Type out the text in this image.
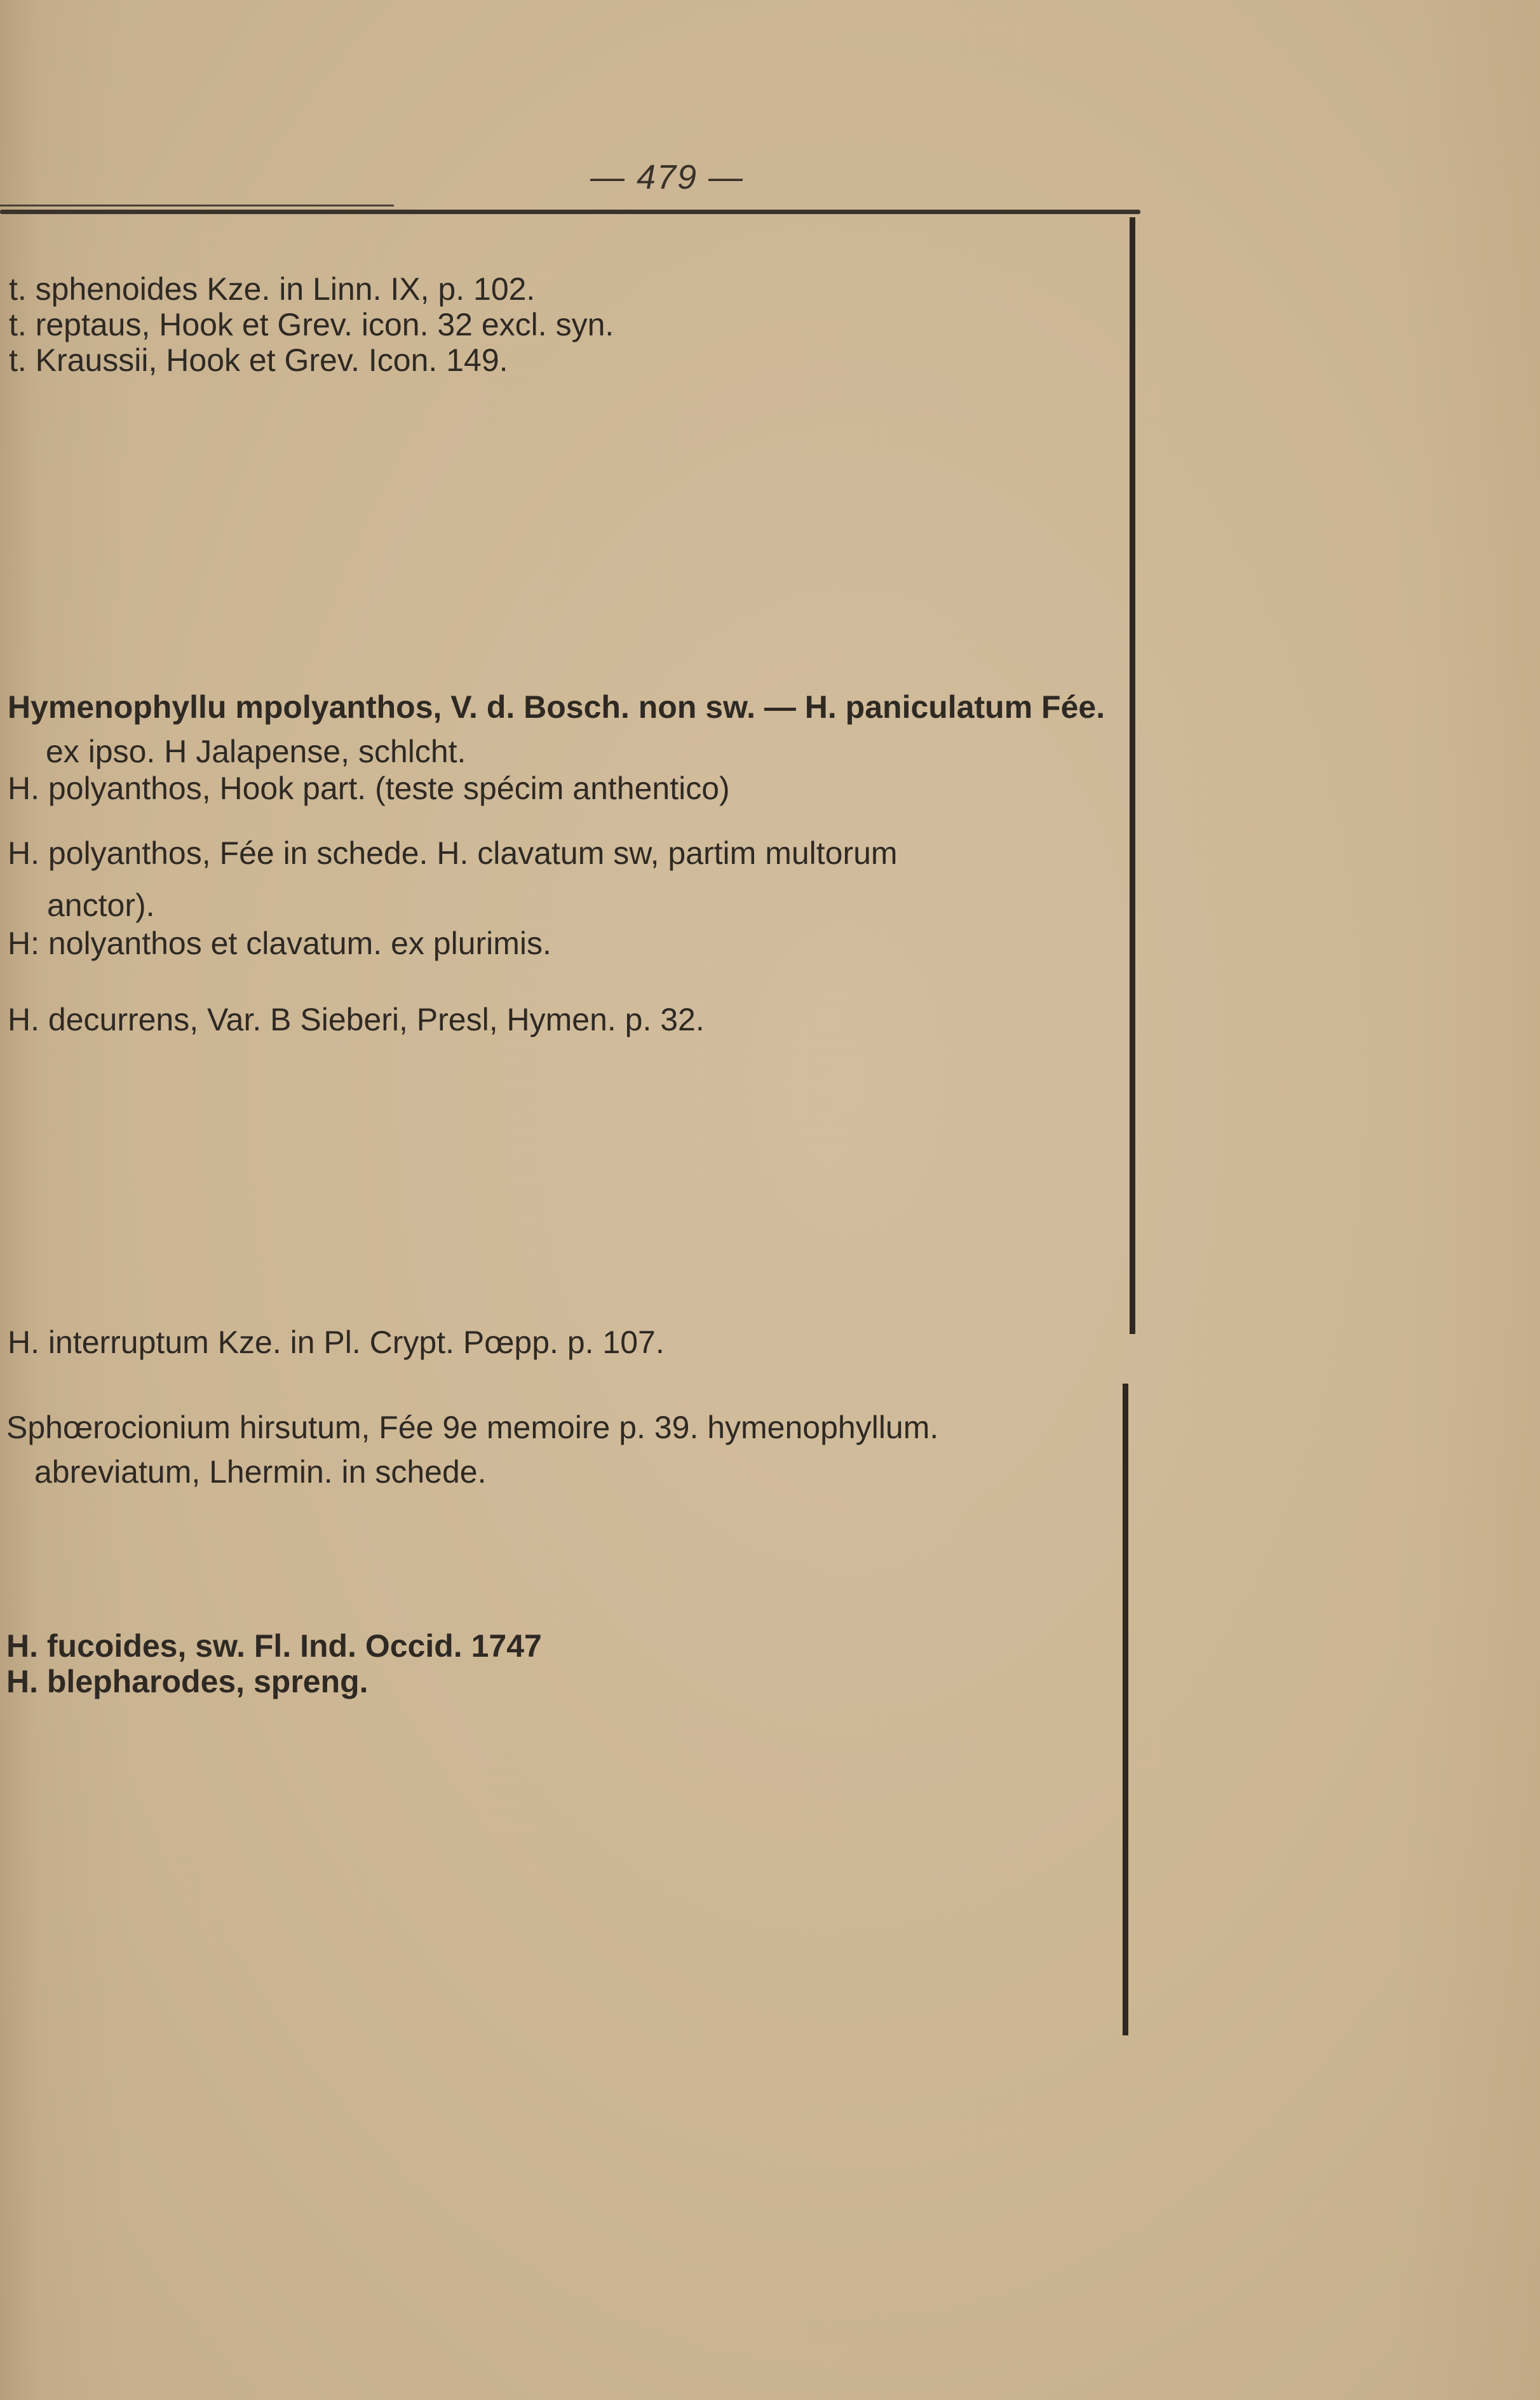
— 479 —
t. sphenoides Kze. in Linn. IX, p. 102.
t. reptaus, Hook et Grev. icon. 32 excl. syn.
t. Kraussii, Hook et Grev. Icon. 149.
Hymenophyllu mpolyanthos, V. d. Bosch. non sw. — H. paniculatum Fée.
ex ipso. H Jalapense, schlcht.
H. polyanthos, Hook part. (teste spécim anthentico)
H. polyanthos, Fée in schede. H. clavatum sw, partim multorum
anctor).
H: nolyanthos et clavatum. ex plurimis.
H. decurrens, Var. B Sieberi, Presl, Hymen. p. 32.
H. interruptum Kze. in Pl. Crypt. Pœpp. p. 107.
Sphœrocionium hirsutum, Fée 9e memoire p. 39. hymenophyllum.
abreviatum, Lhermin. in schede.
H. fucoides, sw. Fl. Ind. Occid. 1747
H. blepharodes, spreng.
